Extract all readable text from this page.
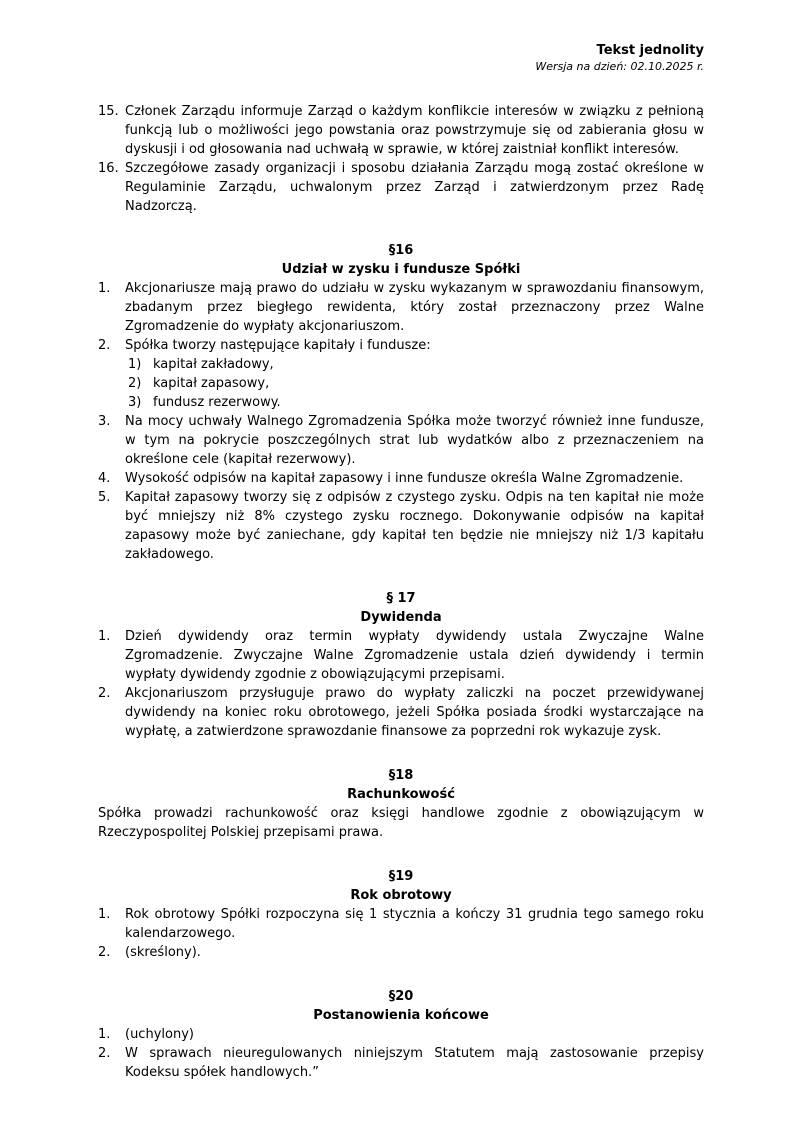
Tekst jednolity
Wersja na dzień: 02.10.2025 r.
15. Członek Zarządu informuje Zarząd o każdym konflikcie interesów w związku z pełnioną funkcją lub o możliwości jego powstania oraz powstrzymuje się od zabierania głosu w dyskusji i od głosowania nad uchwałą w sprawie, w której zaistniał konflikt interesów.
16. Szczegółowe zasady organizacji i sposobu działania Zarządu mogą zostać określone w Regulaminie Zarządu, uchwalonym przez Zarząd i zatwierdzonym przez Radę Nadzorczą.
§16
Udział w zysku i fundusze Spółki
1. Akcjonariusze mają prawo do udziału w zysku wykazanym w sprawozdaniu finansowym, zbadanym przez biegłego rewidenta, który został przeznaczony przez Walne Zgromadzenie do wypłaty akcjonariuszom.
2. Spółka tworzy następujące kapitały i fundusze:
1) kapitał zakładowy,
2) kapitał zapasowy,
3) fundusz rezerwowy.
3. Na mocy uchwały Walnego Zgromadzenia Spółka może tworzyć również inne fundusze, w tym na pokrycie poszczególnych strat lub wydatków albo z przeznaczeniem na określone cele (kapitał rezerwowy).
4. Wysokość odpisów na kapitał zapasowy i inne fundusze określa Walne Zgromadzenie.
5. Kapitał zapasowy tworzy się z odpisów z czystego zysku. Odpis na ten kapitał nie może być mniejszy niż 8% czystego zysku rocznego. Dokonywanie odpisów na kapitał zapasowy może być zaniechane, gdy kapitał ten będzie nie mniejszy niż 1/3 kapitału zakładowego.
§ 17
Dywidenda
1. Dzień dywidendy oraz termin wypłaty dywidendy ustala Zwyczajne Walne Zgromadzenie. Zwyczajne Walne Zgromadzenie ustala dzień dywidendy i termin wypłaty dywidendy zgodnie z obowiązującymi przepisami.
2. Akcjonariuszom przysługuje prawo do wypłaty zaliczki na poczet przewidywanej dywidendy na koniec roku obrotowego, jeżeli Spółka posiada środki wystarczające na wypłatę, a zatwierdzone sprawozdanie finansowe za poprzedni rok wykazuje zysk.
§18
Rachunkowość
Spółka prowadzi rachunkowość oraz księgi handlowe zgodnie z obowiązującym w Rzeczypospolitej Polskiej przepisami prawa.
§19
Rok obrotowy
1. Rok obrotowy Spółki rozpoczyna się 1 stycznia a kończy 31 grudnia tego samego roku kalendarzowego.
2. (skreślony).
§20
Postanowienia końcowe
1. (uchylony)
2. W sprawach nieuregulowanych niniejszym Statutem mają zastosowanie przepisy Kodeksu spółek handlowych.”
